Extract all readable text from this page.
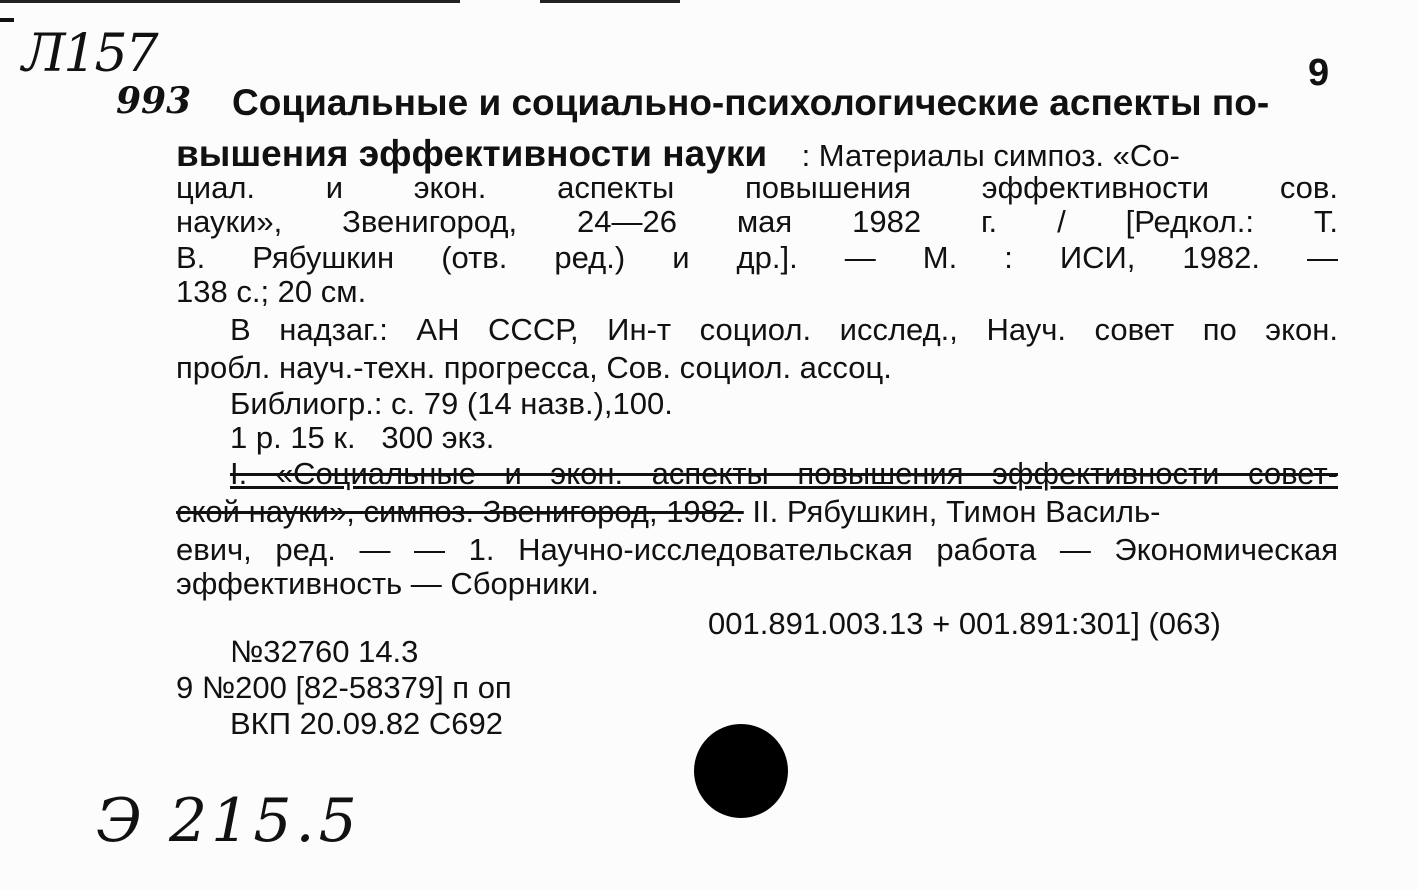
Л157
993
9
Социальные и социально-психологические аспекты по-
вышения эффективности науки : Материалы симпоз. «Со-
циал. и экон. аспекты повышения эффективности сов.
науки», Звенигород, 24—26 мая 1982 г. / [Редкол.: Т.
В. Рябушкин (отв. ред.) и др.]. — М. : ИСИ, 1982. —
138 с.; 20 см.
В надзаг.: АН СССР, Ин-т социол. исслед., Науч. совет по экон.
пробл. науч.-техн. прогресса, Сов. социол. ассоц.
Библиогр.: с. 79 (14 назв.),100.
1 р. 15 к.   300 экз.
I. «Социальные и экон. аспекты повышения эффективности совет-
ской науки», симпоз. Звенигород, 1982. II. Рябушкин, Тимон Василь-
евич, ред. — — 1. Научно-исследовательская работа — Экономическая
эффективность — Сборники.
001.891.003.13 + 001.891:301] (063)
№32760 14.3
9 №200 [82-58379] п оп
ВКП 20.09.82 С692
Э 215.5
